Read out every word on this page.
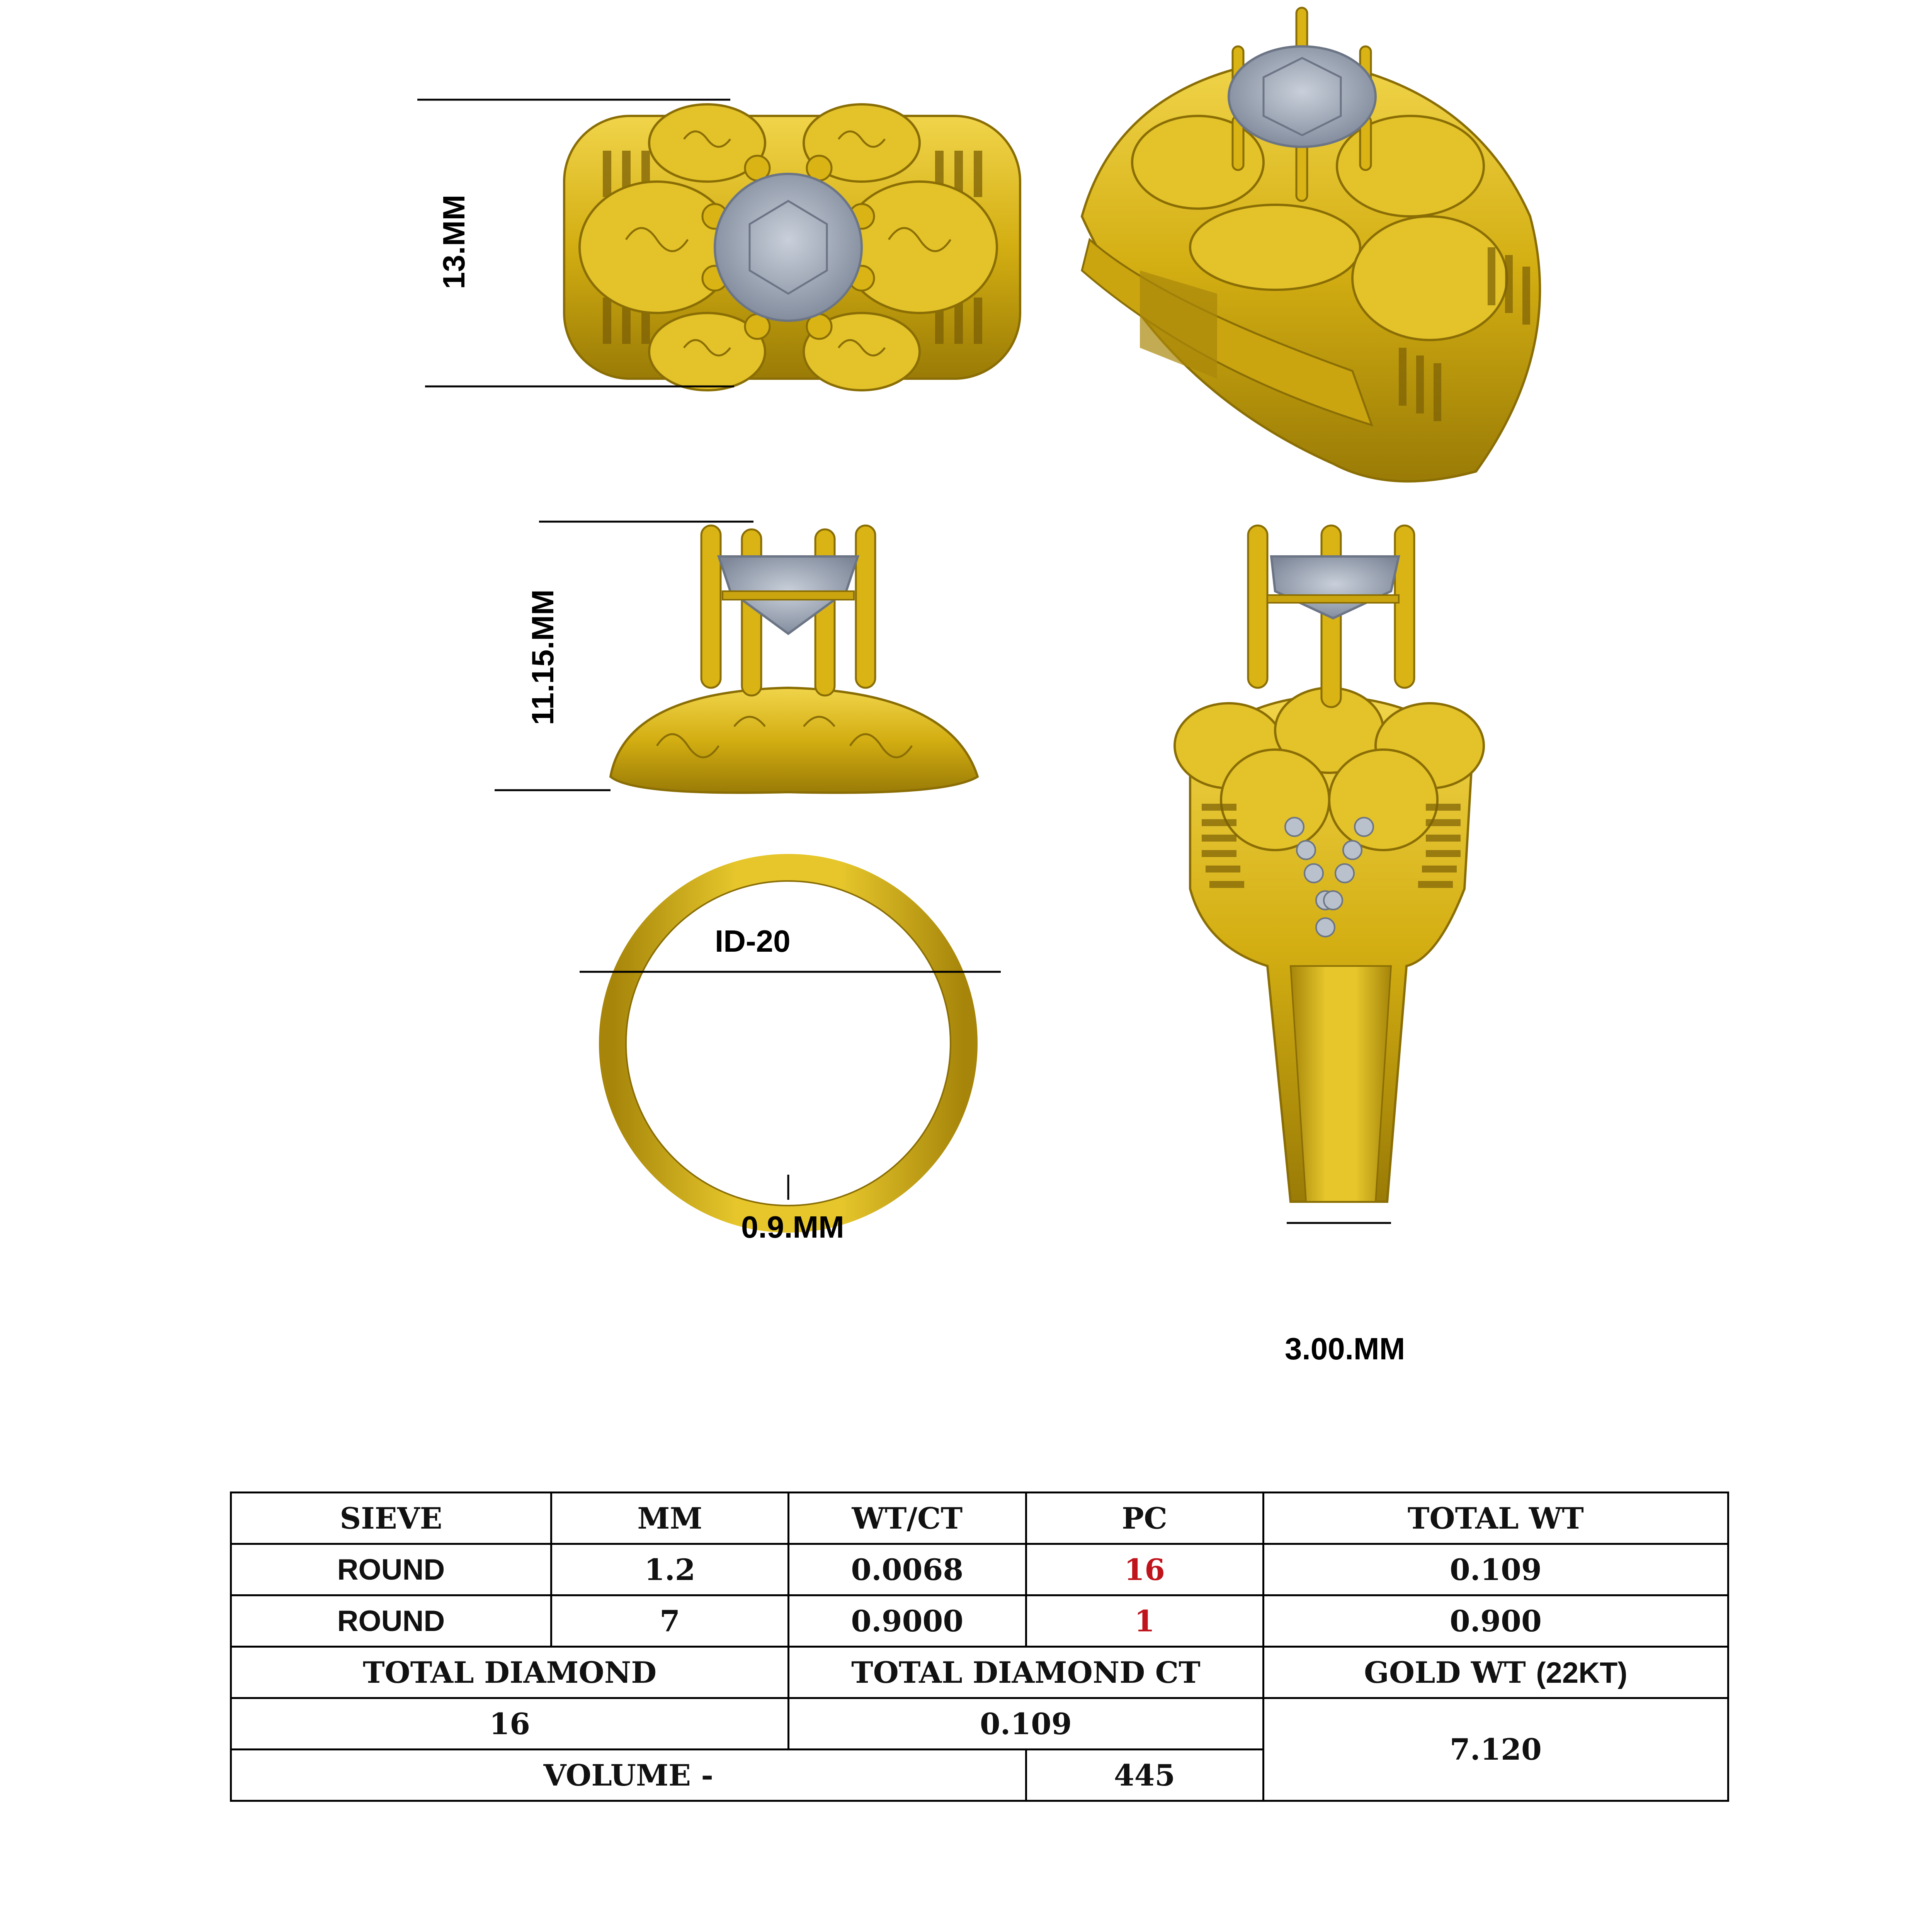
13.MM
11.15.MM
ID-20
0.9.MM
3.00.MM
SIEVE	MM	WT/CT	PC	TOTAL WT
ROUND	1.2	0.0068	16	0.109
ROUND	7	0.9000	1	0.900
TOTAL DIAMOND		TOTAL DIAMOND CT		GOLD WT (22KT)
16		0.109		7.120
VOLUME -			445	
